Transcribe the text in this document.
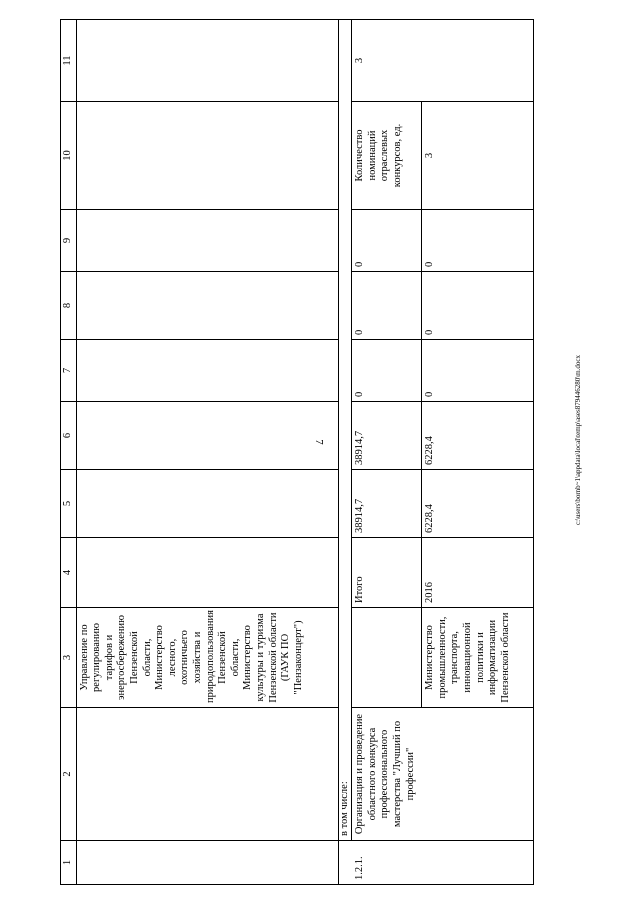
7
1	2	3	4	5	6	7	8	9	10	11
		Управление по регулированию тарифов и энергосбережению Пензенской области, Министерство лесного, охотничьего хозяйства и природопользования Пензенской области, Министерство культуры и туризма Пензенской области (ГАУК ПО "Пензаконцерт")								
	в том числе:									
1.2.1.	Организация и проведение областного конкурса профессионального мастерства "Лучший по профессии"		Итого	38914,7	38914,7	0	0	0	Количество номинаций отраслевых конкурсов, ед.	3
		Министерство промышленности, транспорта, инновационной политики и информатизации Пензенской области	2016	6228,4	6228,4	0	0	0	3	
c:\users\bornb~1\appdata\local\temp\ases879446280\m.docx
